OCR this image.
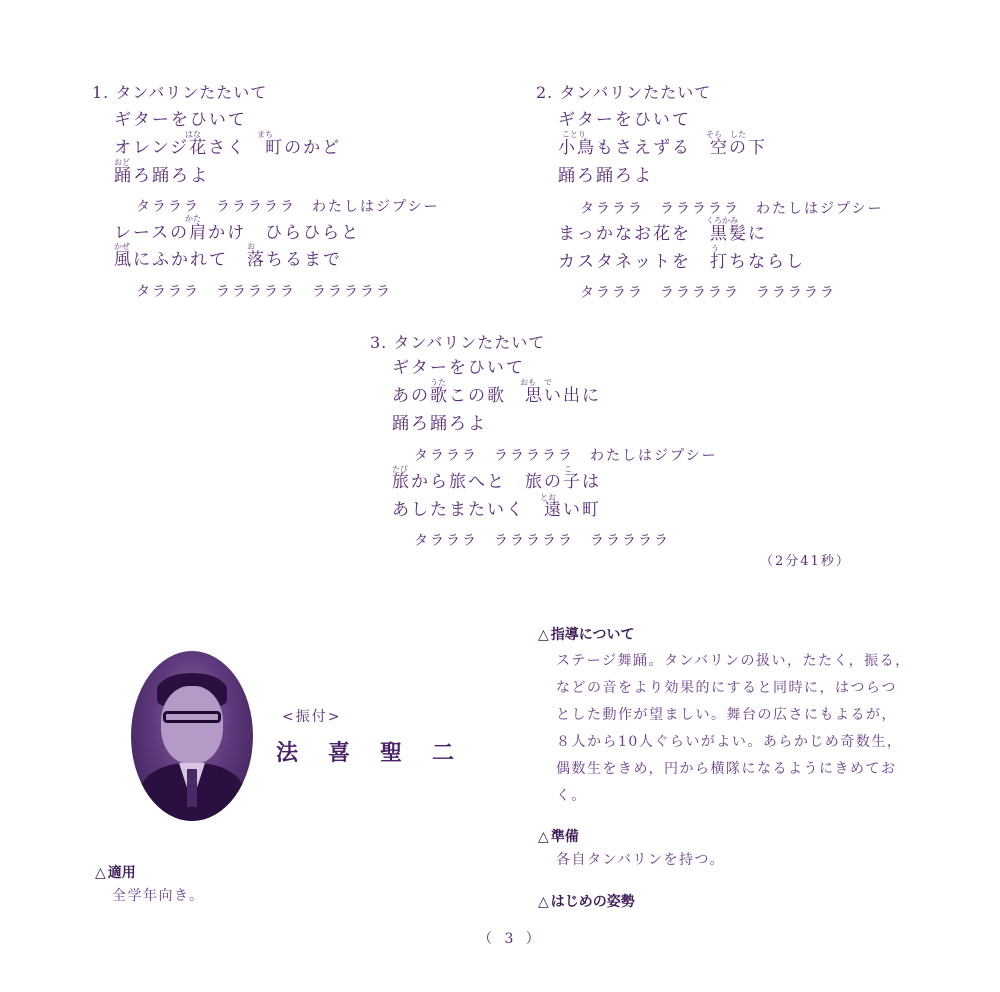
1. タンバリンたたいて
ギターをひいて
はな	まち
オレンジ花さく　町のかど
おど
踊ろ踊ろよ
タラララ　ラララララ　わたしはジプシー
かた
レースの肩かけ　ひらひらと
かぜ	お
風にふかれて　落ちるまで
タラララ　ラララララ　ラララララ
2. タンバリンたたいて
ギターをひいて
ことり	そら　した
小鳥もさえずる　空の下
踊ろ踊ろよ
タラララ　ラララララ　わたしはジプシー
くろかみ
まっかなお花を　黒髪に
う
カスタネットを　打ちならし
タラララ　ラララララ　ラララララ
3. タンバリンたたいて
ギターをひいて
うた	おも　で
あの歌この歌　思い出に
踊ろ踊ろよ
タラララ　ラララララ　わたしはジプシー
たび	こ
旅から旅へと　旅の子は
とお
あしたまたいく　遠い町
タラララ　ラララララ　ラララララ
（2分41秒）
<振付>
法喜聖二
△ 適用
全学年向き。
△ 指導について
ステージ舞踊。タンバリンの扱い，たたく，振る，
などの音をより効果的にすると同時に，はつらつ
とした動作が望ましい。舞台の広さにもよるが，
８人から10人ぐらいがよい。あらかじめ奇数生，
偶数生をきめ，円から横隊になるようにきめてお
く。
△ 準備
各自タンバリンを持つ。
△ はじめの姿勢
（ 3 ）
